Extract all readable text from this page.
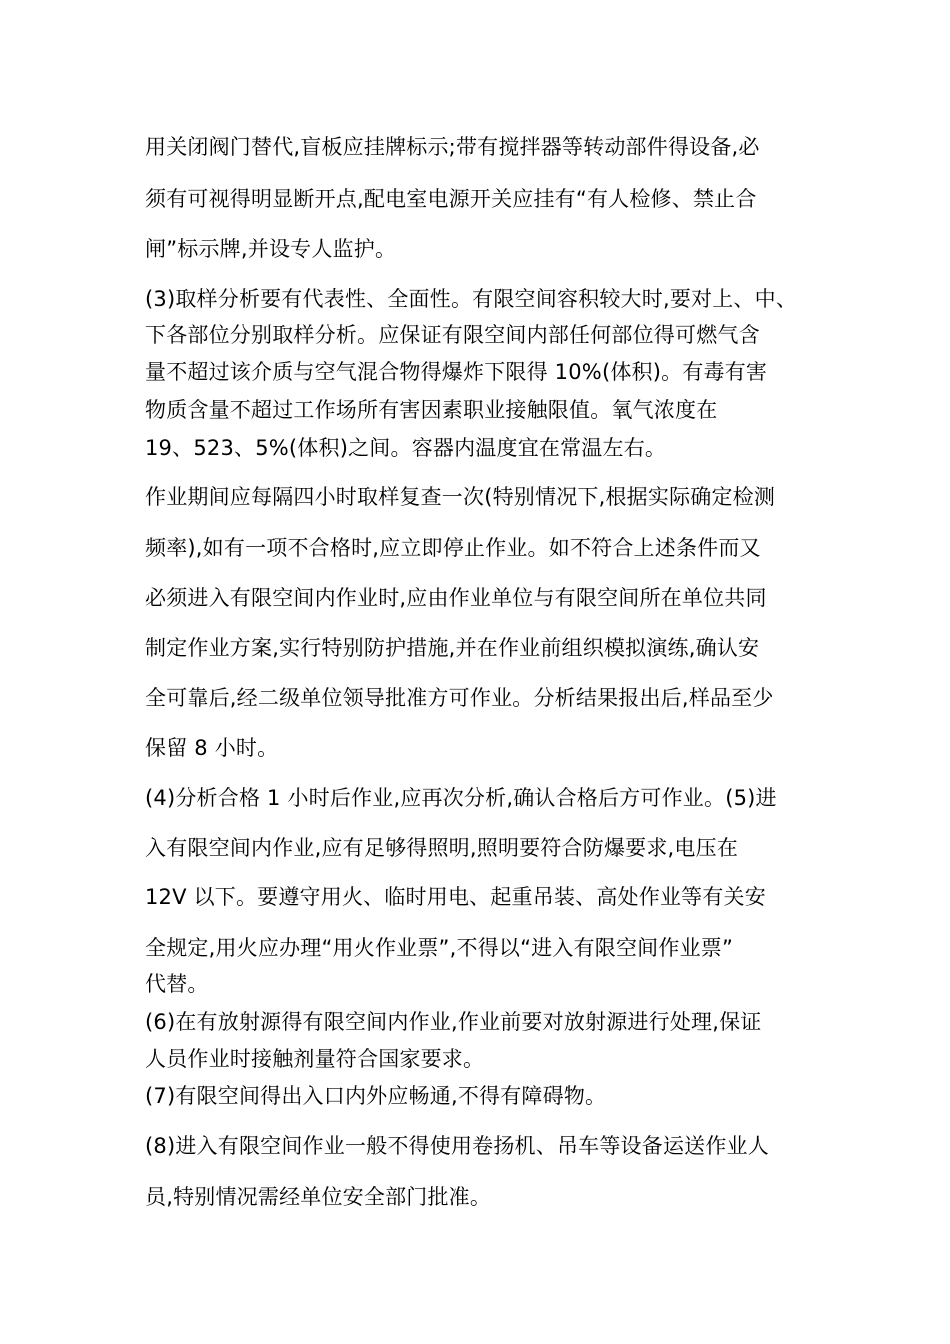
用关闭阀门替代,盲板应挂牌标示;带有搅拌器等转动部件得设备,必
须有可视得明显断开点,配电室电源开关应挂有“有人检修、禁止合
闸”标示牌,并设专人监护。
(3)取样分析要有代表性、全面性。有限空间容积较大时,要对上、中、
下各部位分别取样分析。应保证有限空间内部任何部位得可燃气含
量不超过该介质与空气混合物得爆炸下限得 10%(体积)。有毒有害
物质含量不超过工作场所有害因素职业接触限值。氧气浓度在
19、523、5%(体积)之间。容器内温度宜在常温左右。
作业期间应每隔四小时取样复查一次(特别情况下,根据实际确定检测
频率),如有一项不合格时,应立即停止作业。如不符合上述条件而又
必须进入有限空间内作业时,应由作业单位与有限空间所在单位共同
制定作业方案,实行特别防护措施,并在作业前组织模拟演练,确认安
全可靠后,经二级单位领导批准方可作业。分析结果报出后,样品至少
保留 8 小时。
(4)分析合格 1 小时后作业,应再次分析,确认合格后方可作业。(5)进
入有限空间内作业,应有足够得照明,照明要符合防爆要求,电压在
12V 以下。要遵守用火、临时用电、起重吊装、高处作业等有关安
全规定,用火应办理“用火作业票”,不得以“进入有限空间作业票”
代替。
(6)在有放射源得有限空间内作业,作业前要对放射源进行处理,保证
人员作业时接触剂量符合国家要求。
(7)有限空间得出入口内外应畅通,不得有障碍物。
(8)进入有限空间作业一般不得使用卷扬机、吊车等设备运送作业人
员,特别情况需经单位安全部门批准。
